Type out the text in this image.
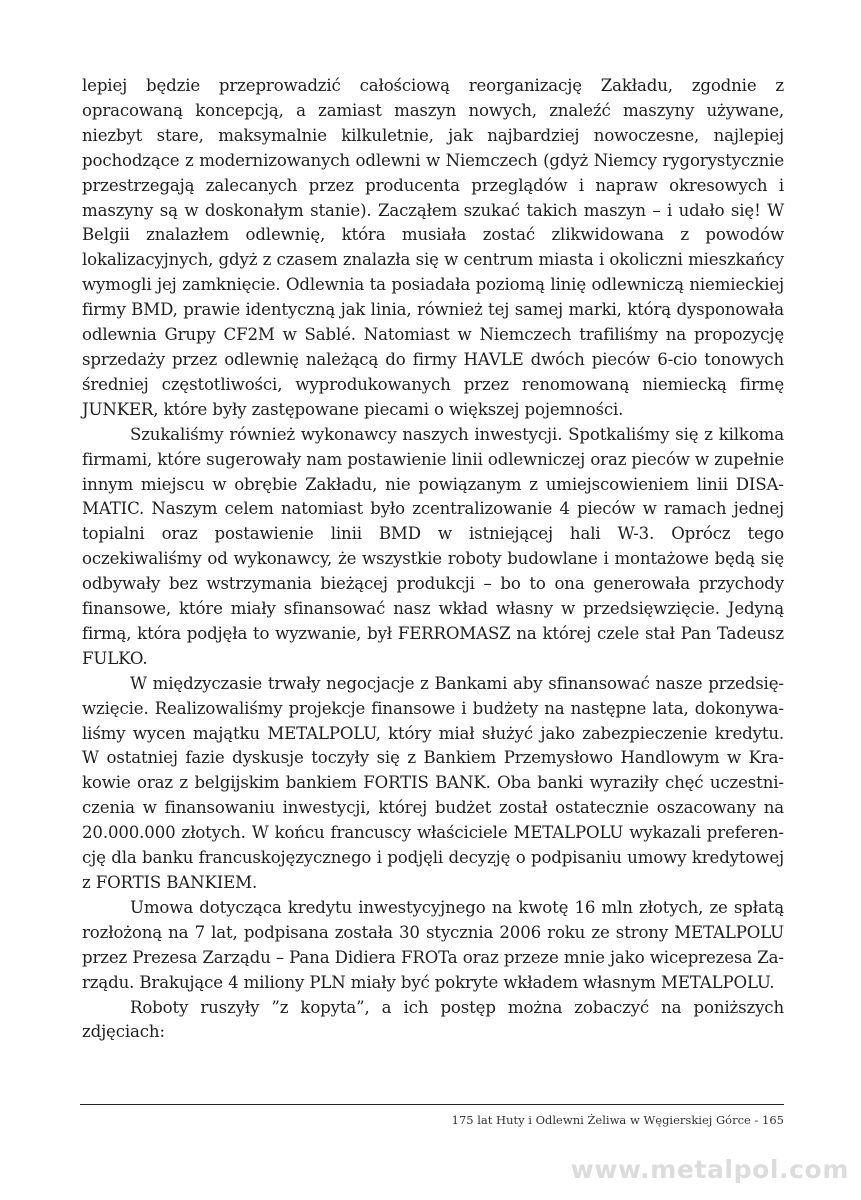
lepiej będzie przeprowadzić całościową reorganizację Zakładu, zgodnie z opracowaną koncepcją, a zamiast maszyn nowych, znaleźć maszyny używane, niezbyt stare, maksymalnie kilkuletnie, jak najbardziej nowoczesne, najlepiej pochodzące z modernizowanych odlewni w Niemczech (gdyż Niemcy rygorystycznie przestrzegają zalecanych przez producenta przeglądów i napraw okresowych i maszyny są w doskonałym stanie). Zacząłem szukać takich maszyn – i udało się! W Belgii znalazłem odlewnię, która musiała zostać zlikwidowana z powodów lokalizacyjnych, gdyż z czasem znalazła się w centrum miasta i okoliczni mieszkańcy wymogli jej zamknięcie. Odlewnia ta posiadała poziomą linię odlewniczą niemieckiej firmy BMD, prawie identyczną jak linia, również tej samej marki, którą dysponowała odlewnia Grupy CF2M w Sablé. Natomiast w Niemczech trafiliśmy na propozycję sprzedaży przez odlewnię należącą do firmy HAVLE dwóch pieców 6-cio tonowych średniej częstotliwości, wyprodukowanych przez renomowaną niemiecką firmę JUNKER, które były zastępowane piecami o większej pojemności.

Szukaliśmy również wykonawcy naszych inwestycji. Spotkaliśmy się z kilkoma firmami, które sugerowały nam postawienie linii odlewniczej oraz pieców w zupełnie innym miejscu w obrębie Zakładu, nie powiązanym z umiejscowieniem linii DISAMATIC. Naszym celem natomiast było zcentralizowanie 4 pieców w ramach jednej topialni oraz postawienie linii BMD w istniejącej hali W-3. Oprócz tego oczekiwaliśmy od wykonawcy, że wszystkie roboty budowlane i montażowe będą się odbywały bez wstrzymania bieżącej produkcji – bo to ona generowała przychody finansowe, które miały sfinansować nasz wkład własny w przedsięwzięcie. Jedyną firmą, która podjęła to wyzwanie, był FERROMASZ na której czele stał Pan Tadeusz FULKO.

W międzyczasie trwały negocjacje z Bankami aby sfinansować nasze przedsięwzięcie. Realizowaliśmy projekcje finansowe i budżety na następne lata, dokonywaliśmy wycen majątku METALPOLU, który miał służyć jako zabezpieczenie kredytu. W ostatniej fazie dyskusje toczyły się z Bankiem Przemysłowo Handlowym w Krakowie oraz z belgijskim bankiem FORTIS BANK. Oba banki wyraziły chęć uczestniczenia w finansowaniu inwestycji, której budżet został ostatecznie oszacowany na 20.000.000 złotych. W końcu francuscy właściciele METALPOLU wykazali preferencję dla banku francuskojęzycznego i podjęli decyzję o podpisaniu umowy kredytowej z FORTIS BANKIEM.

Umowa dotycząca kredytu inwestycyjnego na kwotę 16 mln złotych, ze spłatą rozłożoną na 7 lat, podpisana została 30 stycznia 2006 roku ze strony METALPOLU przez Prezesa Zarządu – Pana Didiera FROTa oraz przeze mnie jako wiceprezesa Zarządu. Brakujące 4 miliony PLN miały być pokryte wkładem własnym METALPOLU.

Roboty ruszyły ”z kopyta”, a ich postęp można zobaczyć na poniższych zdjęciach:

175 lat Huty i Odlewni Żeliwa w Węgierskiej Górce - 165
www.metalpol.com
